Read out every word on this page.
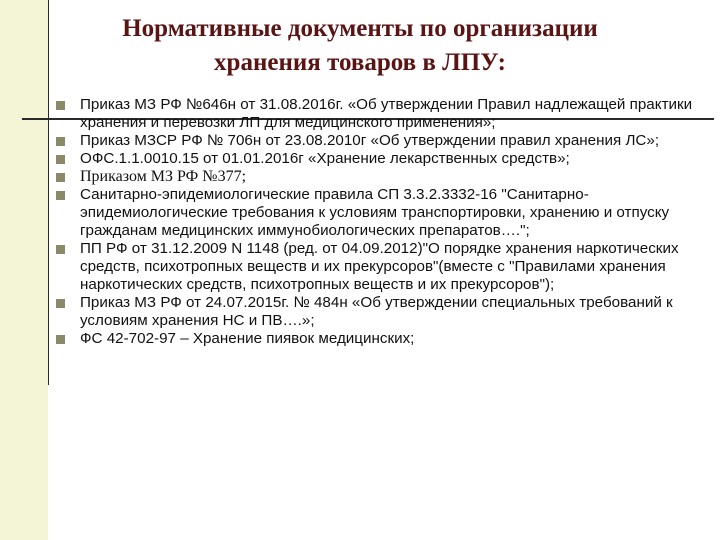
Нормативные документы по организации
хранения товаров в ЛПУ:
Приказ МЗ РФ №646н от 31.08.2016г. «Об утверждении Правил надлежащей практики хранения и перевозки ЛП для медицинского применения»;
Приказ МЗСР РФ № 706н от 23.08.2010г «Об утверждении правил хранения ЛС»;
ОФС.1.1.0010.15 от 01.01.2016г «Хранение лекарственных средств»;
Приказом МЗ РФ №377;
Санитарно-эпидемиологические правила СП 3.3.2.3332-16 "Санитарно-эпидемиологические требования к условиям транспортировки, хранению и отпуску гражданам медицинских иммунобиологических препаратов….";
ПП РФ от 31.12.2009 N 1148 (ред. от 04.09.2012)"О порядке хранения наркотических средств, психотропных веществ и их прекурсоров"(вместе с "Правилами хранения наркотических средств, психотропных веществ и их прекурсоров");
Приказ МЗ РФ от 24.07.2015г. № 484н «Об утверждении специальных требований к условиям хранения НС и ПВ….»;
ФС 42-702-97 – Хранение пиявок медицинских;
